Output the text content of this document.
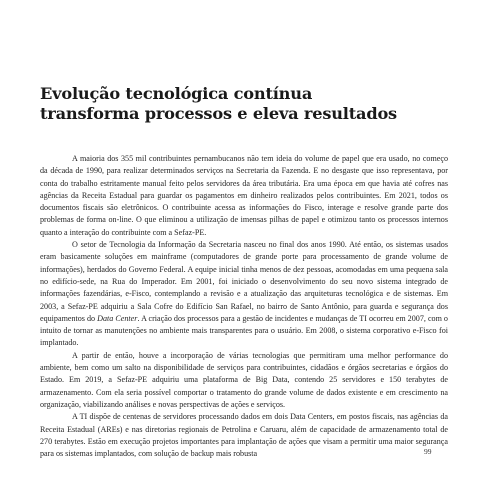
Evolução tecnológica contínua
transforma processos e eleva resultados

A maioria dos 355 mil contribuintes pernambucanos não tem ideia do volume de papel que era usado, no começo da década de 1990, para realizar determinados serviços na Secretaria da Fazenda. E no desgaste que isso representava, por conta do trabalho estritamente manual feito pelos servidores da área tributária. Era uma época em que havia até cofres nas agências da Receita Estadual para guardar os pagamentos em dinheiro realizados pelos contribuintes. Em 2021, todos os documentos fiscais são eletrônicos. O contribuinte acessa as informações do Fisco, interage e resolve grande parte dos problemas de forma on-line. O que eliminou a utilização de imensas pilhas de papel e otimizou tanto os processos internos quanto a interação do contribuinte com a Sefaz-PE.

O setor de Tecnologia da Informação da Secretaria nasceu no final dos anos 1990. Até então, os sistemas usados eram basicamente soluções em mainframe (computadores de grande porte para processamento de grande volume de informações), herdados do Governo Federal. A equipe inicial tinha menos de dez pessoas, acomodadas em uma pequena sala no edifício-sede, na Rua do Imperador. Em 2001, foi iniciado o desenvolvimento do seu novo sistema integrado de informações fazendárias, e-Fisco, contemplando a revisão e a atualização das arquiteturas tecnológica e de sistemas. Em 2003, a Sefaz-PE adquiriu a Sala Cofre do Edifício San Rafael, no bairro de Santo Antônio, para guarda e segurança dos equipamentos do Data Center. A criação dos processos para a gestão de incidentes e mudanças de TI ocorreu em 2007, com o intuito de tornar as manutenções no ambiente mais transparentes para o usuário. Em 2008, o sistema corporativo e-Fisco foi implantado.

A partir de então, houve a incorporação de várias tecnologias que permitiram uma melhor performance do ambiente, bem como um salto na disponibilidade de serviços para contribuintes, cidadãos e órgãos secretarias e órgãos do Estado. Em 2019, a Sefaz-PE adquiriu uma plataforma de Big Data, contendo 25 servidores e 150 terabytes de armazenamento. Com ela seria possível comportar o tratamento do grande volume de dados existente e em crescimento na organização, viabilizando análises e novas perspectivas de ações e serviços.

A TI dispõe de centenas de servidores processando dados em dois Data Centers, em postos fiscais, nas agências da Receita Estadual (AREs) e nas diretorias regionais de Petrolina e Caruaru, além de capacidade de armazenamento total de 270 terabytes. Estão em execução projetos importantes para implantação de ações que visam a permitir uma maior segurança para os sistemas implantados, com solução de backup mais robusta	99
